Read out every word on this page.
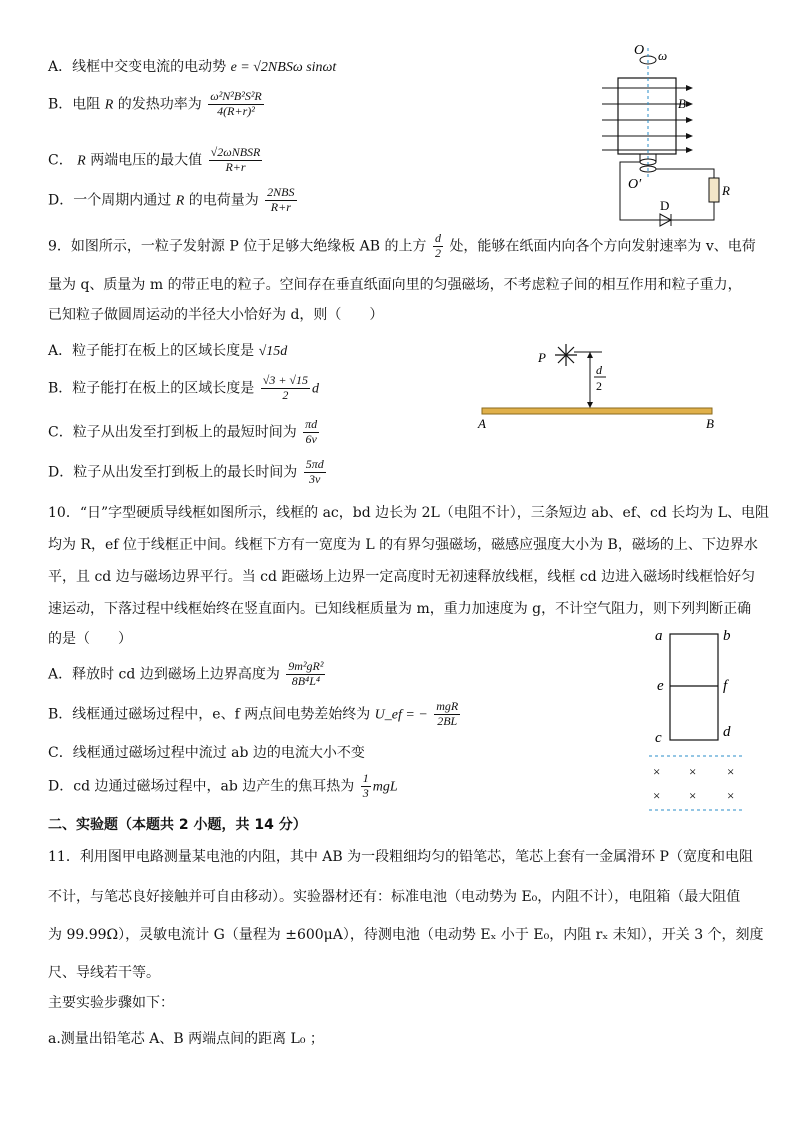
A．线框中交变电流的电动势 e = √2NBSω sinωt
B．电阻 R 的发热功率为 $\frac{\text{ω²N²B²S²R}}{\text{4(R+r)²}}$
C． R 两端电压的最大值 $\frac{\text{√2ωNBSR}}{R+r}$
D．一个周期内通过 R 的电荷量为 $\frac{\text{2NBS}}{R+r}$
O ω
B
O′	R
D
9．如图所示，一粒子发射源 P 位于足够大绝缘板 AB 的上方 $\frac{d}{2}$ 处，能够在纸面内向各个方向发射速率为 v、电荷
量为 q、质量为 m 的带正电的粒子。空间存在垂直纸面向里的匀强磁场，不考虑粒子间的相互作用和粒子重力，
已知粒子做圆周运动的半径大小恰好为 d，则（　　）
A．粒子能打在板上的区域长度是 √15d
B．粒子能打在板上的区域长度是 $\frac{√3 + √15}{2}$ d
C．粒子从出发至打到板上的最短时间为 $\frac{\pi d}{6v}$
D．粒子从出发至打到板上的最长时间为 $\frac{5\pi d}{3v}$
P
d
2
A	B
10．“日”字型硬质导线框如图所示，线框的 ac，bd 边长为 2L（电阻不计），三条短边 ab、ef、cd 长均为 L、电阻
均为 R，ef 位于线框正中间。线框下方有一宽度为 L 的有界匀强磁场，磁感应强度大小为 B，磁场的上、下边界水
平，且 cd 边与磁场边界平行。当 cd 距磁场上边界一定高度时无初速释放线框，线框 cd 边进入磁场时线框恰好匀
速运动，下落过程中线框始终在竖直面内。已知线框质量为 m，重力加速度为 g，不计空气阻力，则下列判断正确
的是（　　）
A．释放时 cd 边到磁场上边界高度为 $\frac{\text{9m²gR²}}{\text{8B⁴L⁴}}$
B．线框通过磁场过程中，e、f 两点间电势差始终为 U_ef = − $\frac{\text{mgR}}{2BL}$
C．线框通过磁场过程中流过 ab 边的电流大小不变
D．cd 边通过磁场过程中，ab 边产生的焦耳热为 $\frac{1}{3}$ mgL
a	b
e	f
c	d
× × ×
× × ×
二、实验题（本题共 2 小题，共 14 分）
11．利用图甲电路测量某电池的内阻，其中 AB 为一段粗细均匀的铅笔芯，笔芯上套有一金属滑环 P（宽度和电阻
不计，与笔芯良好接触并可自由移动）。实验器材还有：标准电池（电动势为 E₀，内阻不计），电阻箱（最大阻值
为 99.99Ω），灵敏电流计 G（量程为 ±600μA），待测电池（电动势 Eₓ 小于 E₀，内阻 rₓ 未知），开关 3 个，刻度
尺、导线若干等。
主要实验步骤如下：
a.测量出铅笔芯 A、B 两端点间的距离 L₀ ；
